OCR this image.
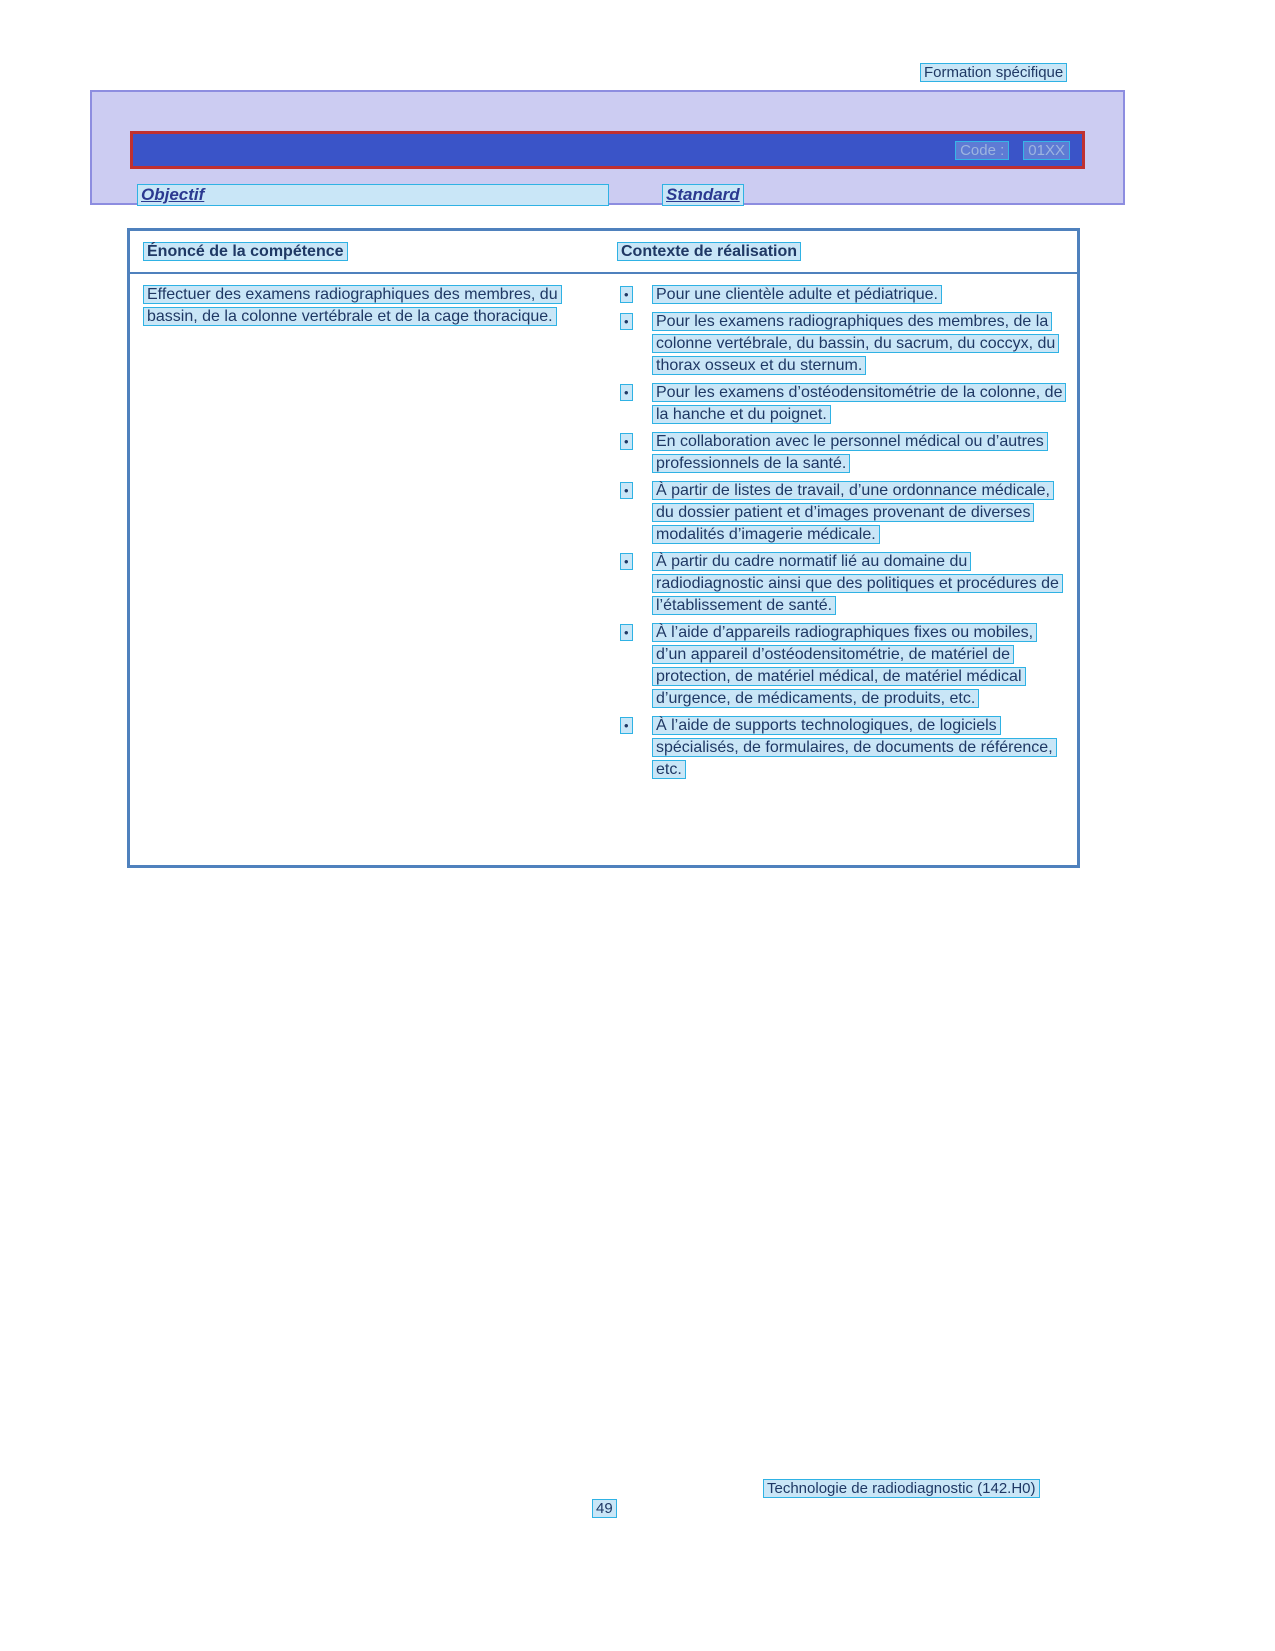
Formation spécifique
Code :	01XX
Objectif	Standard
Énoncé de la compétence	Contexte de réalisation
Effectuer des examens radiographiques des membres, du bassin, de la colonne vertébrale et de la cage thoracique.
•	Pour une clientèle adulte et pédiatrique.
•	Pour les examens radiographiques des membres, de la colonne vertébrale, du bassin, du sacrum, du coccyx, du thorax osseux et du sternum.
•	Pour les examens d’ostéodensitométrie de la colonne, de la hanche et du poignet.
•	En collaboration avec le personnel médical ou d’autres professionnels de la santé.
•	À partir de listes de travail, d’une ordonnance médicale, du dossier patient et d’images provenant de diverses modalités d’imagerie médicale.
•	À partir du cadre normatif lié au domaine du radiodiagnostic ainsi que des politiques et procédures de l’établissement de santé.
•	À l’aide d’appareils radiographiques fixes ou mobiles, d’un appareil d’ostéodensitométrie, de matériel de protection, de matériel médical, de matériel médical d’urgence, de médicaments, de produits, etc.
•	À l’aide de supports technologiques, de logiciels spécialisés, de formulaires, de documents de référence, etc.
Technologie de radiodiagnostic (142.H0)
49
